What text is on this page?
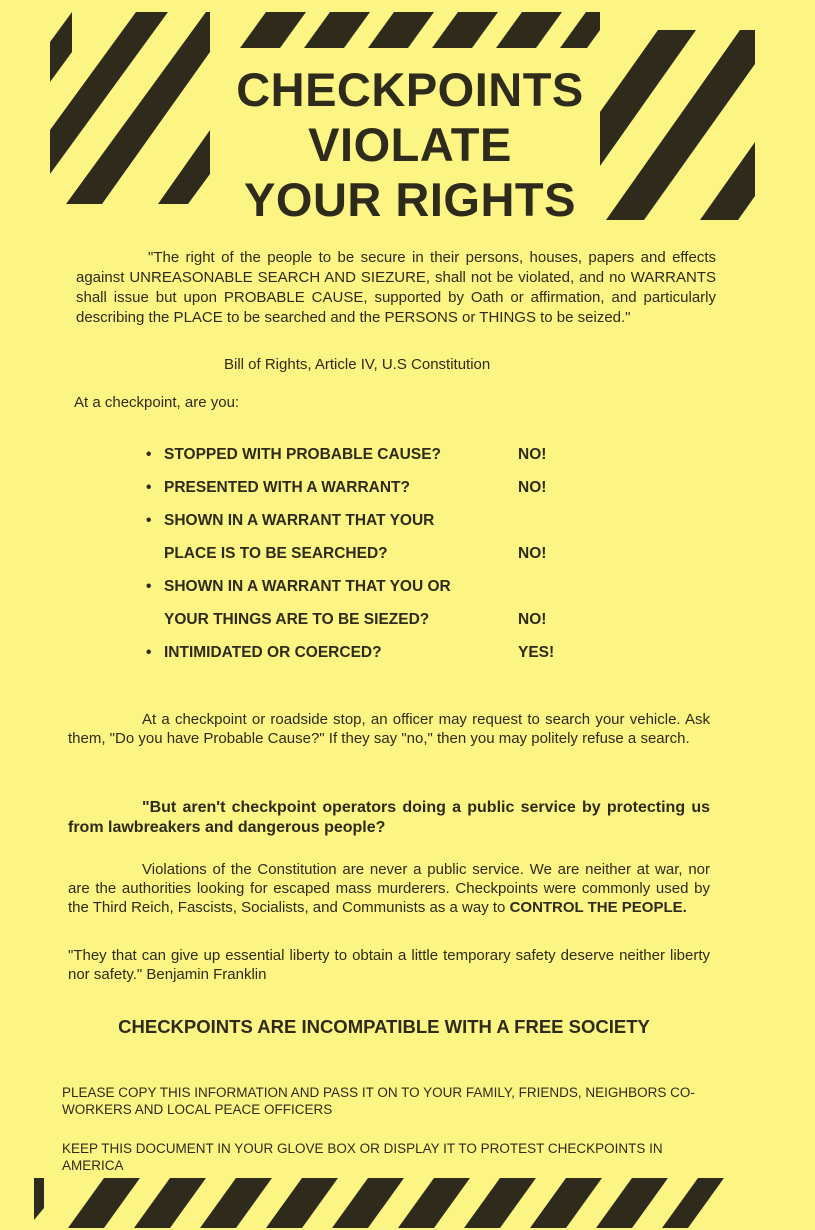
CHECKPOINTS
VIOLATE
YOUR RIGHTS

"The right of the people to be secure in their persons, houses, papers and effects against UNREASONABLE SEARCH AND SIEZURE, shall not be violated, and no WARRANTS shall issue but upon PROBABLE CAUSE, supported by Oath or affirmation, and particularly describing the PLACE to be searched and the PERSONS or THINGS to be seized."

Bill of Rights, Article IV, U.S Constitution

At a checkpoint, are you:

• STOPPED WITH PROBABLE CAUSE?	NO!
• PRESENTED WITH A WARRANT?	NO!
• SHOWN IN A WARRANT THAT YOUR PLACE IS TO BE SEARCHED?	NO!
• SHOWN IN A WARRANT THAT YOU OR YOUR THINGS ARE TO BE SIEZED?	NO!
• INTIMIDATED OR COERCED?	YES!

At a checkpoint or roadside stop, an officer may request to search your vehicle. Ask them, "Do you have Probable Cause?" If they say "no," then you may politely refuse a search.

"But aren't checkpoint operators doing a public service by protecting us from lawbreakers and dangerous people?

Violations of the Constitution are never a public service. We are neither at war, nor are the authorities looking for escaped mass murderers. Checkpoints were commonly used by the Third Reich, Fascists, Socialists, and Communists as a way to CONTROL THE PEOPLE.

"They that can give up essential liberty to obtain a little temporary safety deserve neither liberty nor safety." Benjamin Franklin

CHECKPOINTS ARE INCOMPATIBLE WITH A FREE SOCIETY

PLEASE COPY THIS INFORMATION AND PASS IT ON TO YOUR FAMILY, FRIENDS, NEIGHBORS CO-WORKERS AND LOCAL PEACE OFFICERS

KEEP THIS DOCUMENT IN YOUR GLOVE BOX OR DISPLAY IT TO PROTEST CHECKPOINTS IN AMERICA
